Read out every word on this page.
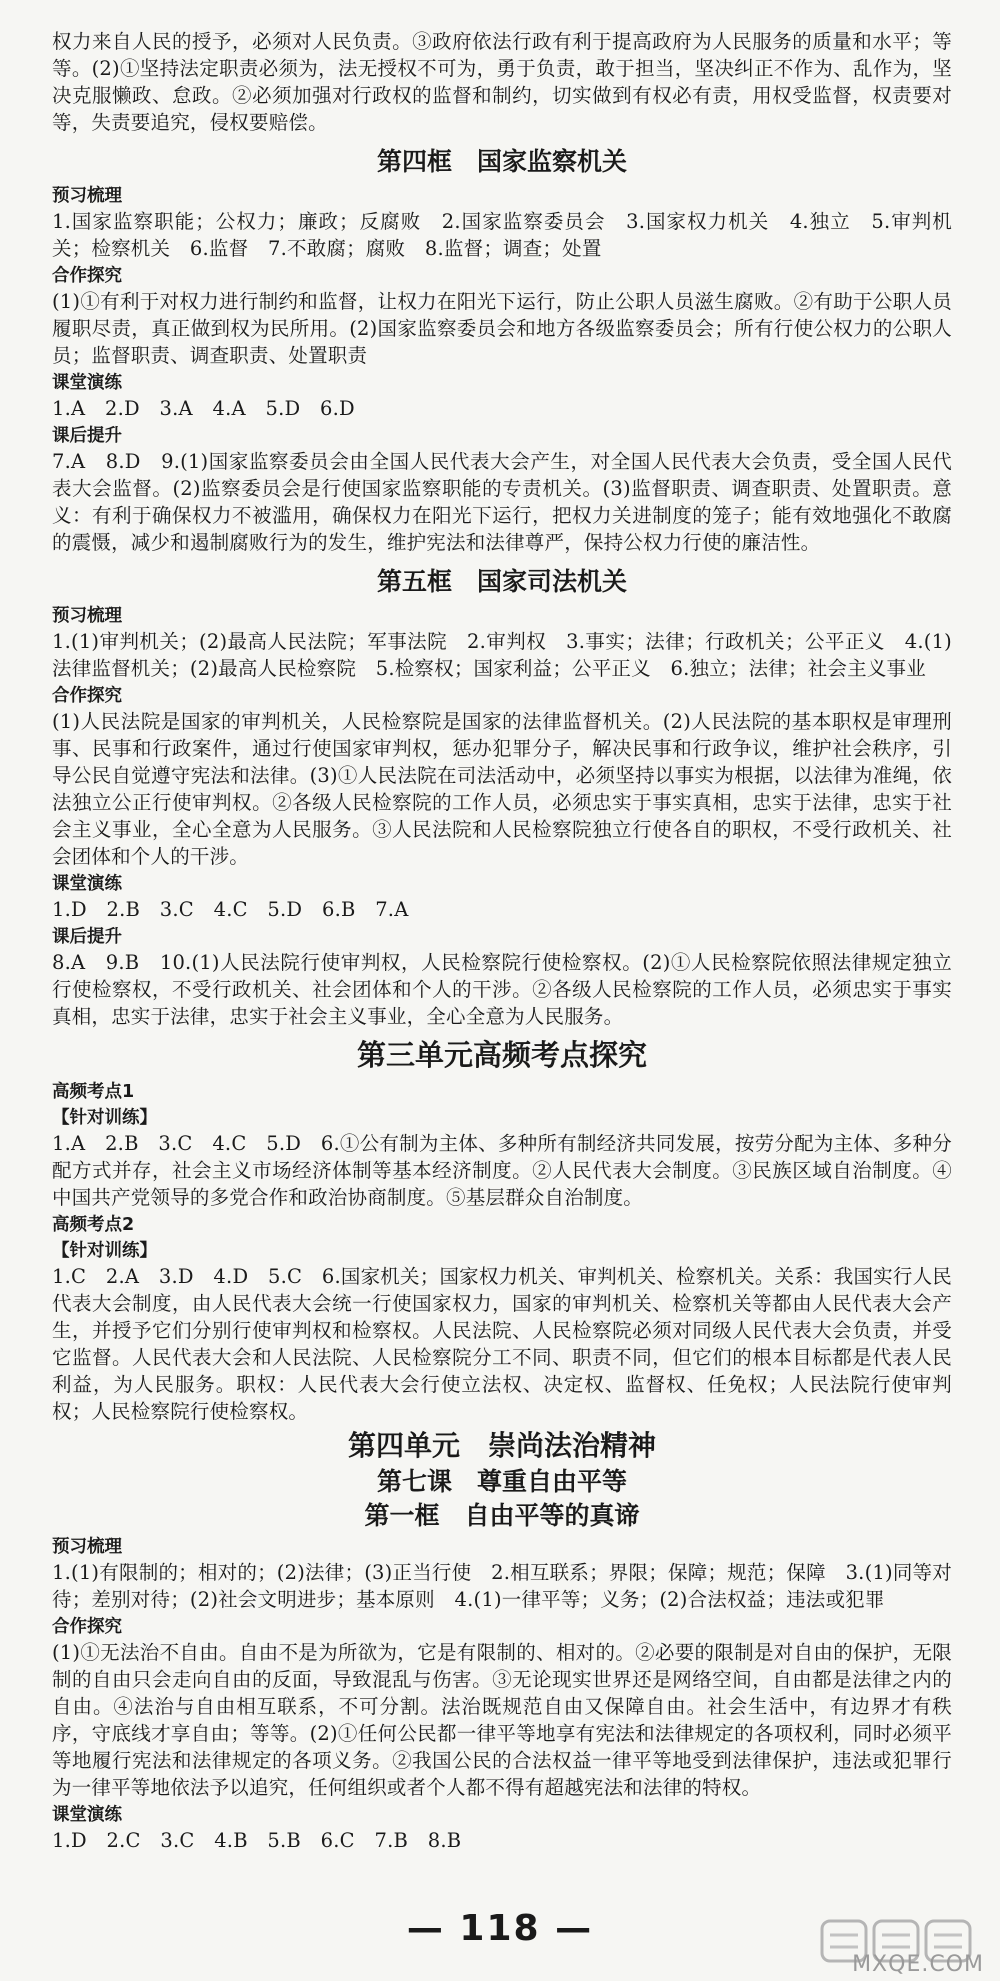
权力来自人民的授予，必须对人民负责。③政府依法行政有利于提高政府为人民服务的质量和水平；等等。(2)①坚持法定职责必须为，法无授权不可为，勇于负责，敢于担当，坚决纠正不作为、乱作为，坚决克服懒政、怠政。②必须加强对行政权的监督和制约，切实做到有权必有责，用权受监督，权责要对等，失责要追究，侵权要赔偿。

第四框　国家监察机关

预习梳理

1.国家监察职能；公权力；廉政；反腐败　2.国家监察委员会　3.国家权力机关　4.独立　5.审判机关；检察机关　6.监督　7.不敢腐；腐败　8.监督；调查；处置

合作探究

(1)①有利于对权力进行制约和监督，让权力在阳光下运行，防止公职人员滋生腐败。②有助于公职人员履职尽责，真正做到权为民所用。(2)国家监察委员会和地方各级监察委员会；所有行使公权力的公职人员；监督职责、调查职责、处置职责

课堂演练

1.A　2.D　3.A　4.A　5.D　6.D

课后提升

7.A　8.D　9.(1)国家监察委员会由全国人民代表大会产生，对全国人民代表大会负责，受全国人民代表大会监督。(2)监察委员会是行使国家监察职能的专责机关。(3)监督职责、调查职责、处置职责。意义：有利于确保权力不被滥用，确保权力在阳光下运行，把权力关进制度的笼子；能有效地强化不敢腐的震慑，减少和遏制腐败行为的发生，维护宪法和法律尊严，保持公权力行使的廉洁性。

第五框　国家司法机关

预习梳理

1.(1)审判机关；(2)最高人民法院；军事法院　2.审判权　3.事实；法律；行政机关；公平正义　4.(1)法律监督机关；(2)最高人民检察院　5.检察权；国家利益；公平正义　6.独立；法律；社会主义事业

合作探究

(1)人民法院是国家的审判机关，人民检察院是国家的法律监督机关。(2)人民法院的基本职权是审理刑事、民事和行政案件，通过行使国家审判权，惩办犯罪分子，解决民事和行政争议，维护社会秩序，引导公民自觉遵守宪法和法律。(3)①人民法院在司法活动中，必须坚持以事实为根据，以法律为准绳，依法独立公正行使审判权。②各级人民检察院的工作人员，必须忠实于事实真相，忠实于法律，忠实于社会主义事业，全心全意为人民服务。③人民法院和人民检察院独立行使各自的职权，不受行政机关、社会团体和个人的干涉。

课堂演练

1.D　2.B　3.C　4.C　5.D　6.B　7.A

课后提升

8.A　9.B　10.(1)人民法院行使审判权，人民检察院行使检察权。(2)①人民检察院依照法律规定独立行使检察权，不受行政机关、社会团体和个人的干涉。②各级人民检察院的工作人员，必须忠实于事实真相，忠实于法律，忠实于社会主义事业，全心全意为人民服务。

第三单元高频考点探究

高频考点1

【针对训练】

1.A　2.B　3.C　4.C　5.D　6.①公有制为主体、多种所有制经济共同发展，按劳分配为主体、多种分配方式并存，社会主义市场经济体制等基本经济制度。②人民代表大会制度。③民族区域自治制度。④中国共产党领导的多党合作和政治协商制度。⑤基层群众自治制度。

高频考点2

【针对训练】

1.C　2.A　3.D　4.D　5.C　6.国家机关；国家权力机关、审判机关、检察机关。关系：我国实行人民代表大会制度，由人民代表大会统一行使国家权力，国家的审判机关、检察机关等都由人民代表大会产生，并授予它们分别行使审判权和检察权。人民法院、人民检察院必须对同级人民代表大会负责，并受它监督。人民代表大会和人民法院、人民检察院分工不同、职责不同，但它们的根本目标都是代表人民利益，为人民服务。职权：人民代表大会行使立法权、决定权、监督权、任免权；人民法院行使审判权；人民检察院行使检察权。

第四单元　崇尚法治精神
第七课　尊重自由平等
第一框　自由平等的真谛

预习梳理

1.(1)有限制的；相对的；(2)法律；(3)正当行使　2.相互联系；界限；保障；规范；保障　3.(1)同等对待；差别对待；(2)社会文明进步；基本原则　4.(1)一律平等；义务；(2)合法权益；违法或犯罪

合作探究

(1)①无法治不自由。自由不是为所欲为，它是有限制的、相对的。②必要的限制是对自由的保护，无限制的自由只会走向自由的反面，导致混乱与伤害。③无论现实世界还是网络空间，自由都是法律之内的自由。④法治与自由相互联系，不可分割。法治既规范自由又保障自由。社会生活中，有边界才有秩序，守底线才享自由；等等。(2)①任何公民都一律平等地享有宪法和法律规定的各项权利，同时必须平等地履行宪法和法律规定的各项义务。②我国公民的合法权益一律平等地受到法律保护，违法或犯罪行为一律平等地依法予以追究，任何组织或者个人都不得有超越宪法和法律的特权。

课堂演练

1.D　2.C　3.C　4.B　5.B　6.C　7.B　8.B

— 118 —
MXQE.COM
